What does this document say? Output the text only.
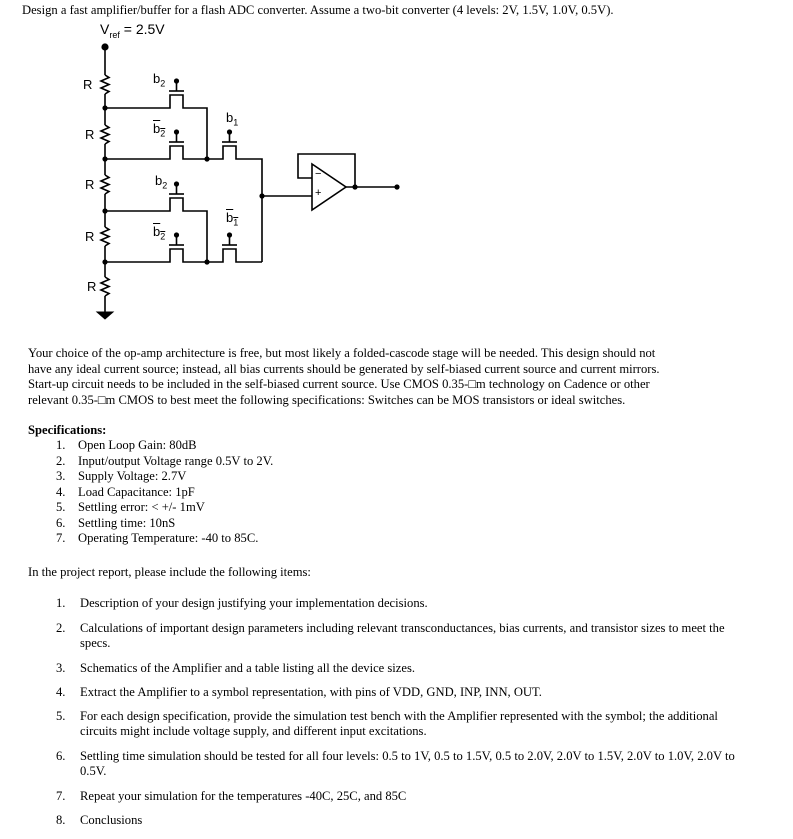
Design a fast amplifier/buffer for a flash ADC converter. Assume a two-bit converter (4 levels: 2V, 1.5V, 1.0V, 0.5V).
$V_{ref} = 2.5V$
R
R
R
R
R
$b_2$
$b_2$
$b_2$
$b_2$
$b_1$
$b_1$
−
+
Your choice of the op-amp architecture is free, but most likely a folded-cascode stage will be needed. This design should not
have any ideal current source; instead, all bias currents should be generated by self-biased current source and current mirrors.
Start-up circuit needs to be included in the self-biased current source. Use CMOS 0.35-□m technology on Cadence or other
relevant 0.35-□m CMOS to best meet the following specifications: Switches can be MOS transistors or ideal switches.
Specifications:
1. Open Loop Gain: 80dB
2. Input/output Voltage range 0.5V to 2V.
3. Supply Voltage: 2.7V
4. Load Capacitance: 1pF
5. Settling error: < +/- 1mV
6. Settling time: 10nS
7. Operating Temperature: -40 to 85C.
In the project report, please include the following items:
1. Description of your design justifying your implementation decisions.
2. Calculations of important design parameters including relevant transconductances, bias currents, and transistor sizes to meet the specs.
3. Schematics of the Amplifier and a table listing all the device sizes.
4. Extract the Amplifier to a symbol representation, with pins of VDD, GND, INP, INN, OUT.
5. For each design specification, provide the simulation test bench with the Amplifier represented with the symbol; the additional circuits might include voltage supply, and different input excitations.
6. Settling time simulation should be tested for all four levels: 0.5 to 1V, 0.5 to 1.5V, 0.5 to 2.0V, 2.0V to 1.5V, 2.0V to 1.0V, 2.0V to 0.5V.
7. Repeat your simulation for the temperatures -40C, 25C, and 85C
8. Conclusions
